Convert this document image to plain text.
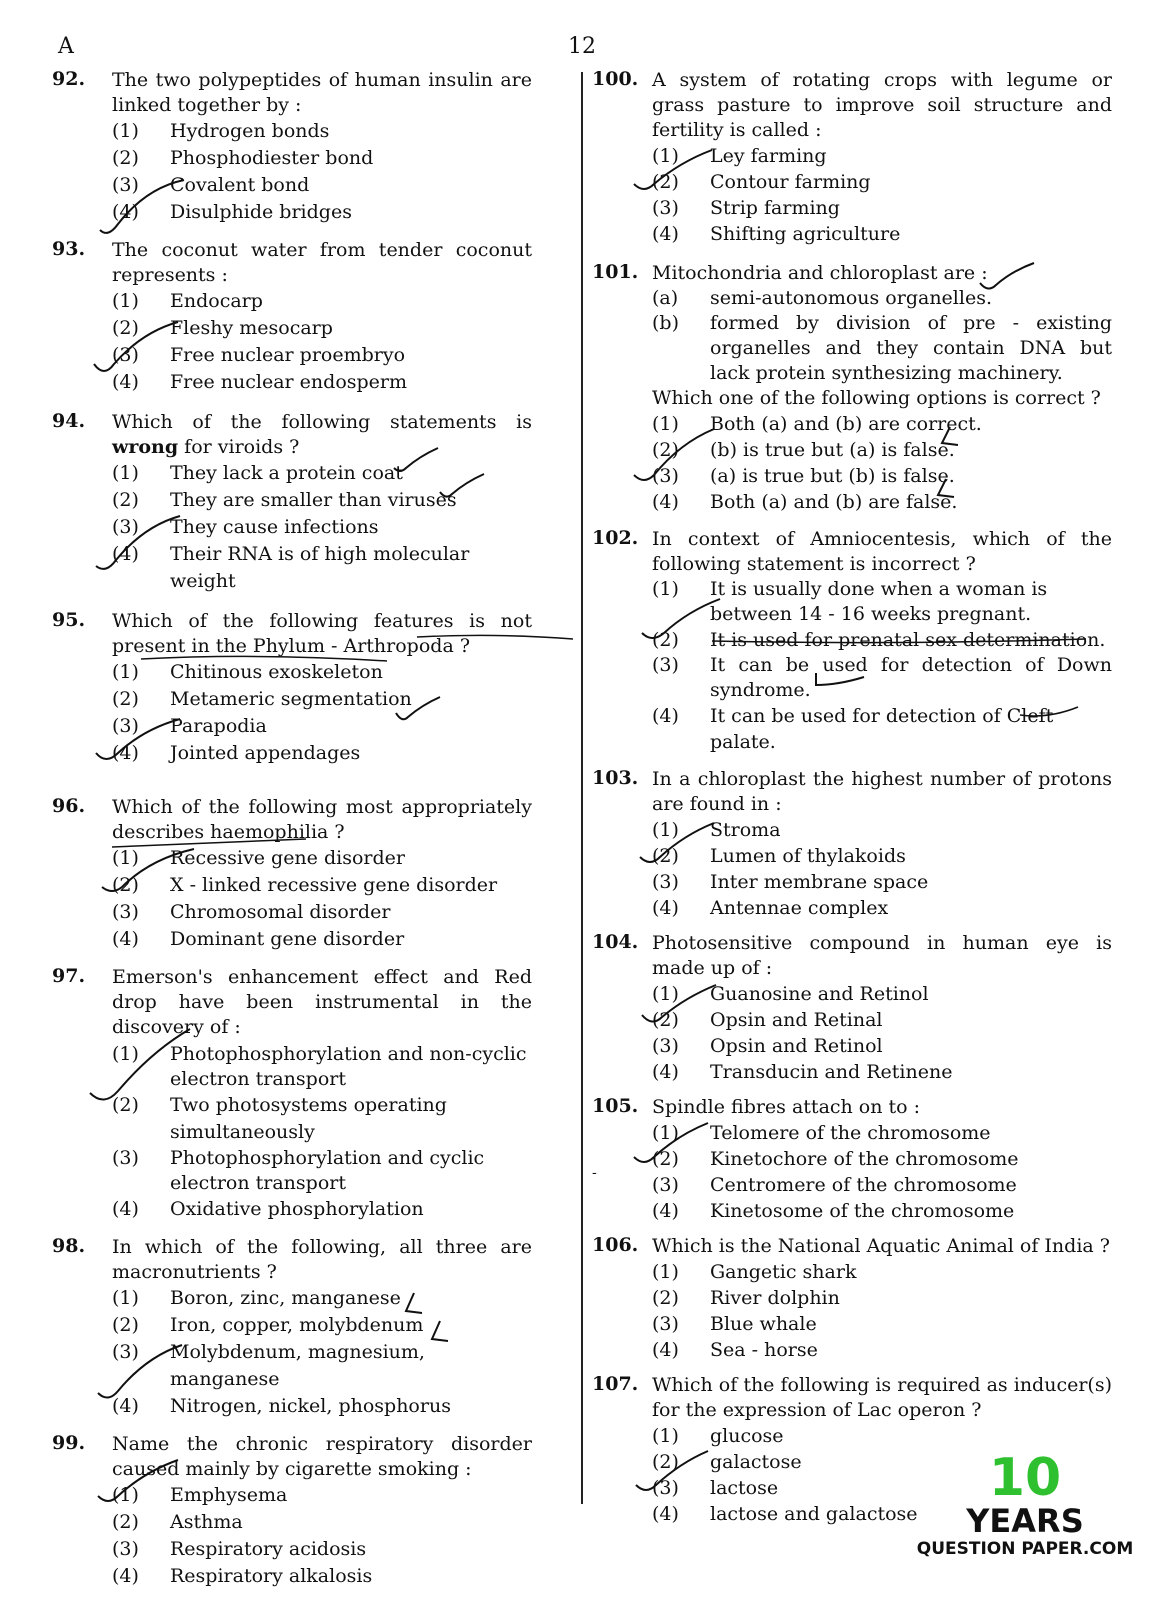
A	12
-
92. The two polypeptides of human insulin are linked together by :
(1)	Hydrogen bonds
(2)	Phosphodiester bond
(3)	Covalent bond
(4)	Disulphide bridges
93. The coconut water from tender coconut represents :
(1)	Endocarp
(2)	Fleshy mesocarp
(3)	Free nuclear proembryo
(4)	Free nuclear endosperm
94. Which of the following statements is wrong for viroids ?
(1)	They lack a protein coat
(2)	They are smaller than viruses
(3)	They cause infections
(4)	Their RNA is of high molecular weight
95. Which of the following features is not present in the Phylum - Arthropoda ?
(1)	Chitinous exoskeleton
(2)	Metameric segmentation
(3)	Parapodia
(4)	Jointed appendages
96. Which of the following most appropriately describes haemophilia ?
(1)	Recessive gene disorder
(2)	X - linked recessive gene disorder
(3)	Chromosomal disorder
(4)	Dominant gene disorder
97. Emerson's enhancement effect and Red drop have been instrumental in the discovery of :
(1)	Photophosphorylation and non-cyclic electron transport
(2)	Two photosystems operating simultaneously
(3)	Photophosphorylation and cyclic electron transport
(4)	Oxidative phosphorylation
98. In which of the following, all three are macronutrients ?
(1)	Boron, zinc, manganese
(2)	Iron, copper, molybdenum
(3)	Molybdenum, magnesium, manganese
(4)	Nitrogen, nickel, phosphorus
99. Name the chronic respiratory disorder caused mainly by cigarette smoking :
(1)	Emphysema
(2)	Asthma
(3)	Respiratory acidosis
(4)	Respiratory alkalosis
100. A system of rotating crops with legume or grass pasture to improve soil structure and fertility is called :
(1)	Ley farming
(2)	Contour farming
(3)	Strip farming
(4)	Shifting agriculture
101. Mitochondria and chloroplast are :
(a)	semi-autonomous organelles.
(b)	formed by division of pre - existing organelles and they contain DNA but lack protein synthesizing machinery.
Which one of the following options is correct ?
(1)	Both (a) and (b) are correct.
(2)	(b) is true but (a) is false.
(3)	(a) is true but (b) is false.
(4)	Both (a) and (b) are false.
102. In context of Amniocentesis, which of the following statement is incorrect ?
(1)	It is usually done when a woman is between 14 - 16 weeks pregnant.
(2)	It is used for prenatal sex determination.
(3)	It can be used for detection of Down syndrome.
(4)	It can be used for detection of Cleft palate.
103. In a chloroplast the highest number of protons are found in :
(1)	Stroma
(2)	Lumen of thylakoids
(3)	Inter membrane space
(4)	Antennae complex
104. Photosensitive compound in human eye is made up of :
(1)	Guanosine and Retinol
(2)	Opsin and Retinal
(3)	Opsin and Retinol
(4)	Transducin and Retinene
105. Spindle fibres attach on to :
(1)	Telomere of the chromosome
(2)	Kinetochore of the chromosome
(3)	Centromere of the chromosome
(4)	Kinetosome of the chromosome
106. Which is the National Aquatic Animal of India ?
(1)	Gangetic shark
(2)	River dolphin
(3)	Blue whale
(4)	Sea - horse
107. Which of the following is required as inducer(s) for the expression of Lac operon ?
(1)	glucose
(2)	galactose
(3)	lactose
(4)	lactose and galactose
10
YEARS
QUESTION PAPER.COM
